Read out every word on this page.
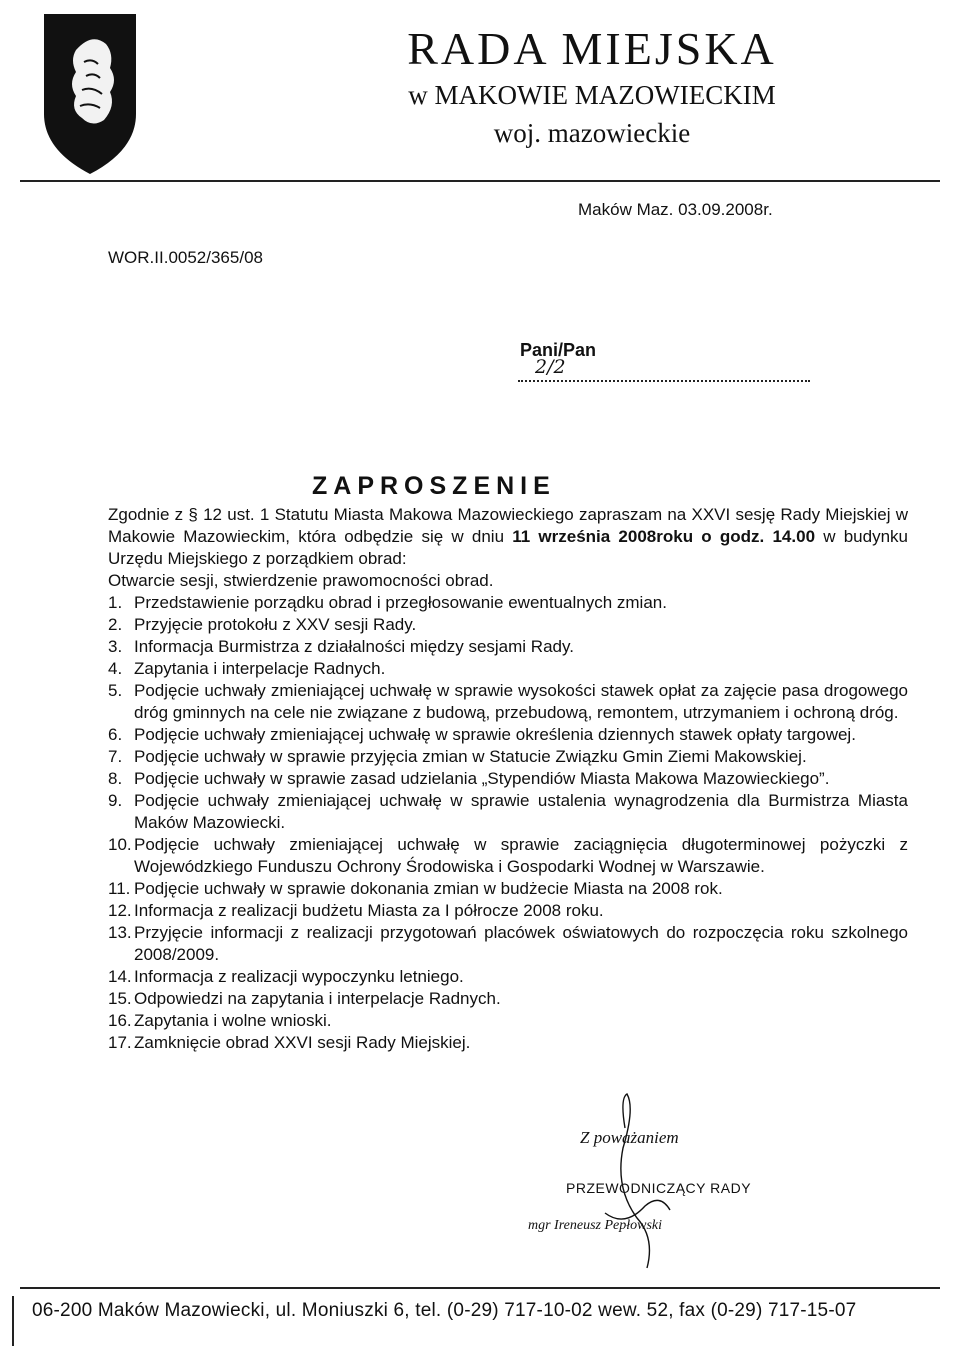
RADA MIEJSKA
w MAKOWIE MAZOWIECKIM
woj. mazowieckie
Maków Maz. 03.09.2008r.
WOR.II.0052/365/08
Pani/Pan
2/2
ZAPROSZENIE

Zgodnie z § 12 ust. 1 Statutu Miasta Makowa Mazowieckiego zapraszam na XXVI sesję Rady Miejskiej w Makowie Mazowieckim, która odbędzie się w dniu 11 września 2008roku o godz. 14.00 w budynku Urzędu Miejskiego z porządkiem obrad:

Otwarcie sesji, stwierdzenie prawomocności obrad.

1. Przedstawienie porządku obrad i przegłosowanie ewentualnych zmian.
2. Przyjęcie protokołu z XXV sesji Rady.
3. Informacja Burmistrza z działalności między sesjami Rady.
4. Zapytania i interpelacje Radnych.
5. Podjęcie uchwały zmieniającej uchwałę w sprawie wysokości stawek opłat za zajęcie pasa drogowego dróg gminnych na cele nie związane z budową, przebudową, remontem, utrzymaniem i ochroną dróg.
6. Podjęcie uchwały zmieniającej uchwałę w sprawie określenia dziennych stawek opłaty targowej.
7. Podjęcie uchwały w sprawie przyjęcia zmian w Statucie Związku Gmin Ziemi Makowskiej.
8. Podjęcie uchwały w sprawie zasad udzielania „Stypendiów Miasta Makowa Mazowieckiego”.
9. Podjęcie uchwały zmieniającej uchwałę w sprawie ustalenia wynagrodzenia dla Burmistrza Miasta Maków Mazowiecki.
10. Podjęcie uchwały zmieniającej uchwałę w sprawie zaciągnięcia długoterminowej pożyczki z Wojewódzkiego Funduszu Ochrony Środowiska i Gospodarki Wodnej w Warszawie.
11. Podjęcie uchwały w sprawie dokonania zmian w budżecie Miasta na 2008 rok.
12. Informacja z realizacji budżetu Miasta za I półrocze 2008 roku.
13. Przyjęcie informacji z realizacji przygotowań placówek oświatowych do rozpoczęcia roku szkolnego 2008/2009.
14. Informacja z realizacji wypoczynku letniego.
15. Odpowiedzi na zapytania i interpelacje Radnych.
16. Zapytania i wolne wnioski.
17. Zamknięcie obrad XXVI sesji Rady Miejskiej.
Z poważaniem
PRZEWODNICZĄCY RADY
mgr Ireneusz Pepłowski
06-200 Maków Mazowiecki, ul. Moniuszki 6, tel. (0-29) 717-10-02 wew. 52, fax (0-29) 717-15-07
